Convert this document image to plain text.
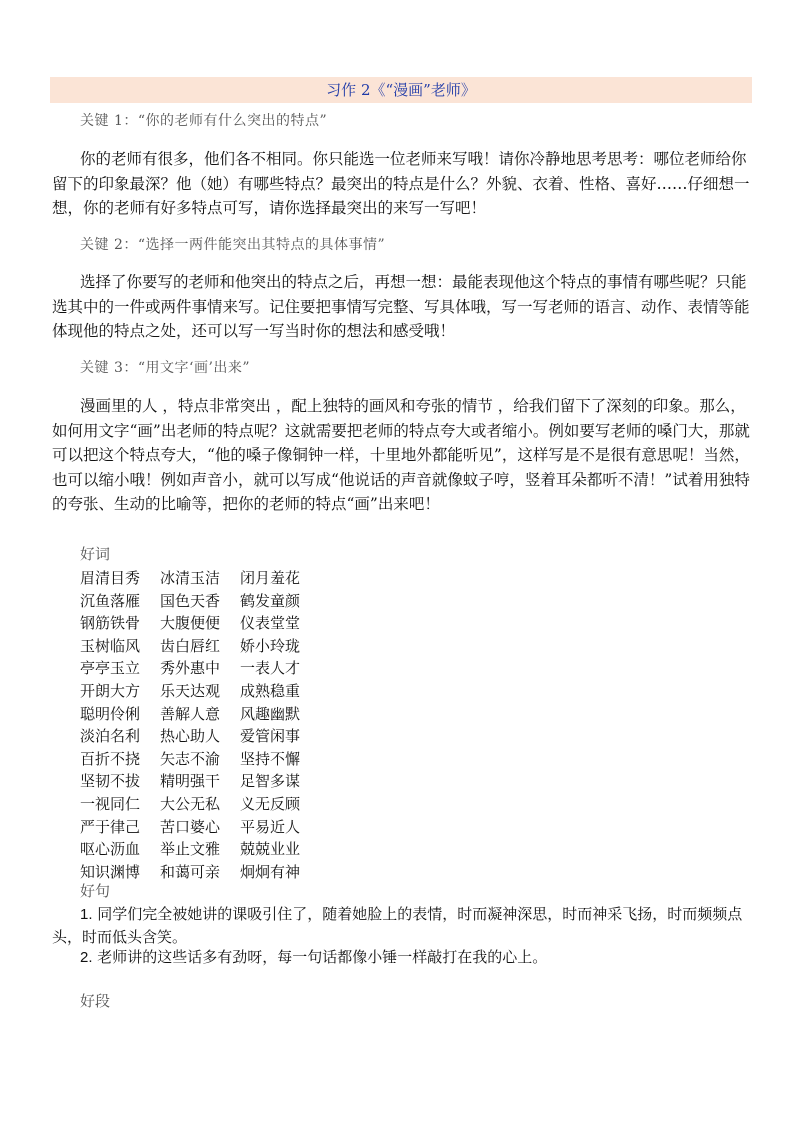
习作 2《“漫画”老师》
关键 1：“你的老师有什么突出的特点”
你的老师有很多，他们各不相同。你只能选一位老师来写哦！请你冷静地思考思考：哪位老师给你留下的印象最深？他（她）有哪些特点？最突出的特点是什么？外貌、衣着、性格、喜好……仔细想一想，你的老师有好多特点可写，请你选择最突出的来写一写吧！
关键 2：“选择一两件能突出其特点的具体事情”
选择了你要写的老师和他突出的特点之后，再想一想：最能表现他这个特点的事情有哪些呢？只能选其中的一件或两件事情来写。记住要把事情写完整、写具体哦，写一写老师的语言、动作、表情等能体现他的特点之处，还可以写一写当时你的想法和感受哦！
关键 3：“用文字‘画’出来”
漫画里的人 ，特点非常突出 ，配上独特的画风和夸张的情节 ，给我们留下了深刻的印象。那么，如何用文字“画”出老师的特点呢？这就需要把老师的特点夸大或者缩小。例如要写老师的嗓门大，那就可以把这个特点夸大，“他的嗓子像铜钟一样，十里地外都能听见”，这样写是不是很有意思呢！当然，也可以缩小哦！例如声音小，就可以写成“他说话的声音就像蚊子哼，竖着耳朵都听不清！”试着用独特的夸张、生动的比喻等，把你的老师的特点“画”出来吧！
好词
眉清目秀 冰清玉洁 闭月羞花
沉鱼落雁 国色天香 鹤发童颜
钢筋铁骨 大腹便便 仪表堂堂
玉树临风 齿白唇红 娇小玲珑
亭亭玉立 秀外惠中 一表人才
开朗大方 乐天达观 成熟稳重
聪明伶俐 善解人意 风趣幽默
淡泊名利 热心助人 爱管闲事
百折不挠 矢志不渝 坚持不懈
坚韧不拔 精明强干 足智多谋
一视同仁 大公无私 义无反顾
严于律己 苦口婆心 平易近人
呕心沥血 举止文雅 兢兢业业
知识渊博 和蔼可亲 炯炯有神
好句
1. 同学们完全被她讲的课吸引住了，随着她脸上的表情，时而凝神深思，时而神采飞扬，时而频频点头，时而低头含笑。
2. 老师讲的这些话多有劲呀，每一句话都像小锤一样敲打在我的心上。
好段
